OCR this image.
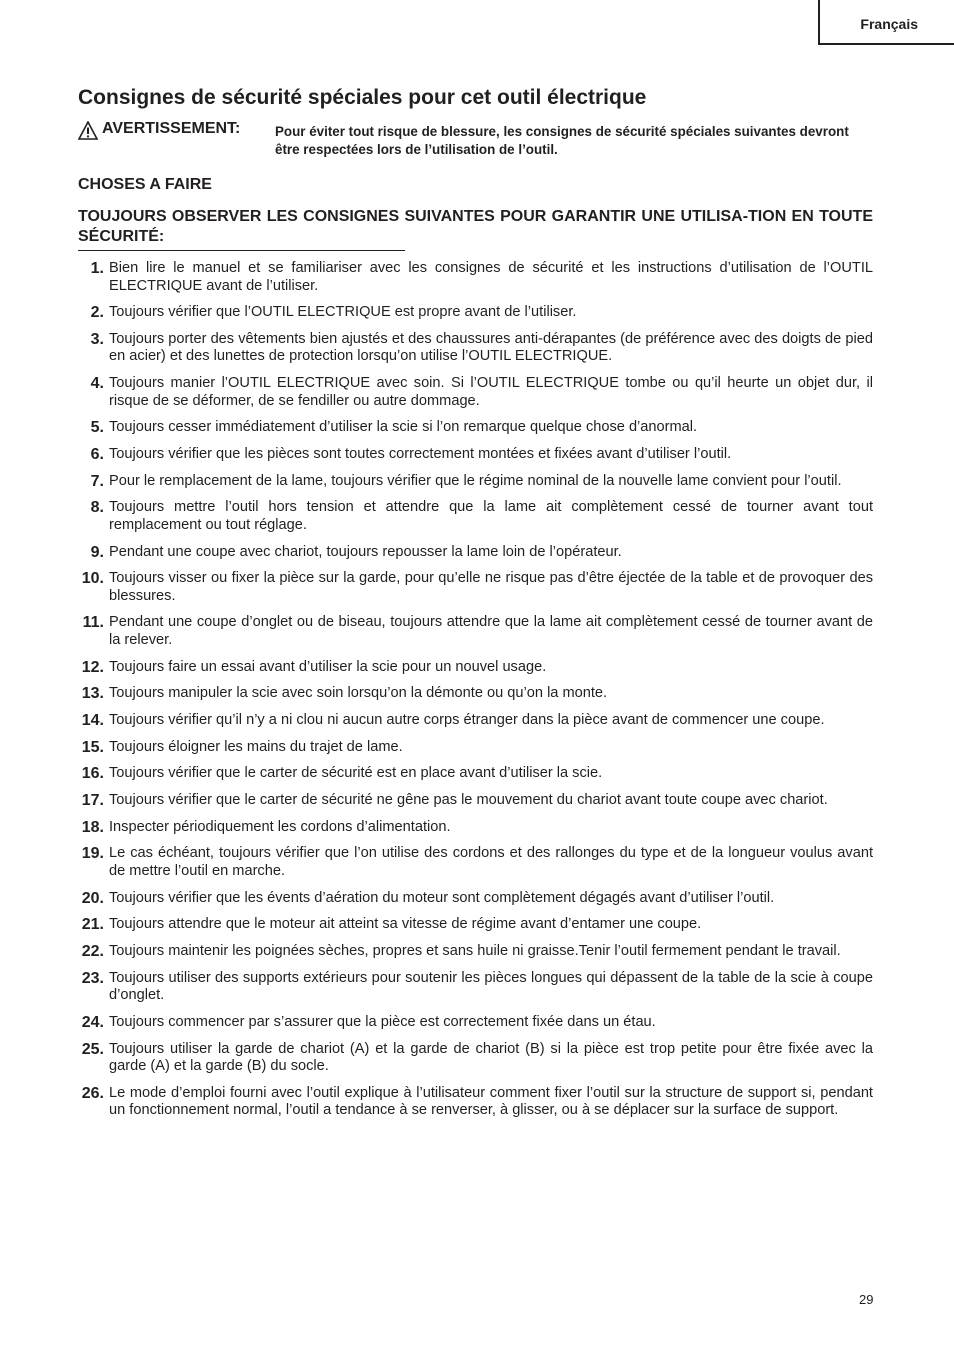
Français
Consignes de sécurité spéciales pour cet outil électrique
AVERTISSEMENT:	Pour éviter tout risque de blessure, les consignes de sécurité spéciales suivantes devront être respectées lors de l’utilisation de l’outil.
CHOSES A FAIRE
TOUJOURS OBSERVER LES CONSIGNES SUIVANTES POUR GARANTIR UNE UTILISA-TION EN TOUTE SÉCURITÉ:
1. Bien lire le manuel et se familiariser avec les consignes de sécurité et les instructions d’utilisation de l’OUTIL ELECTRIQUE avant de l’utiliser.
2. Toujours vérifier que l’OUTIL ELECTRIQUE est propre avant de l’utiliser.
3. Toujours porter des vêtements bien ajustés et des chaussures anti-dérapantes (de préférence avec des doigts de pied en acier) et des lunettes de protection lorsqu’on utilise l’OUTIL ELECTRIQUE.
4. Toujours manier l’OUTIL ELECTRIQUE avec soin. Si l’OUTIL ELECTRIQUE tombe ou qu’il heurte un objet dur, il risque de se déformer, de se fendiller ou autre dommage.
5. Toujours cesser immédiatement d’utiliser la scie si l’on remarque quelque chose d’anormal.
6. Toujours vérifier que les pièces sont toutes correctement montées et fixées avant d’utiliser l’outil.
7. Pour le remplacement de la lame, toujours vérifier que le régime nominal de la nouvelle lame convient pour l’outil.
8. Toujours mettre l’outil hors tension et attendre que la lame ait complètement cessé de tourner avant tout remplacement ou tout réglage.
9. Pendant une coupe avec chariot, toujours repousser la lame loin de l’opérateur.
10. Toujours visser ou fixer la pièce sur la garde, pour qu’elle ne risque pas d’être éjectée de la table et de provoquer des blessures.
11. Pendant une coupe d’onglet ou de biseau, toujours attendre que la lame ait complètement cessé de tourner avant de la relever.
12. Toujours faire un essai avant d’utiliser la scie pour un nouvel usage.
13. Toujours manipuler la scie avec soin lorsqu’on la démonte ou qu’on la monte.
14. Toujours vérifier qu’il n’y a ni clou ni aucun autre corps étranger dans la pièce avant de commencer une coupe.
15. Toujours éloigner les mains du trajet de lame.
16. Toujours vérifier que le carter de sécurité est en place avant d’utiliser la scie.
17. Toujours vérifier que le carter de sécurité ne gêne pas le mouvement du chariot avant toute coupe avec chariot.
18. Inspecter périodiquement les cordons d’alimentation.
19. Le cas échéant, toujours vérifier que l’on utilise des cordons et des rallonges du type et de la longueur voulus avant de mettre l’outil en marche.
20. Toujours vérifier que les évents d’aération du moteur sont complètement dégagés avant d’utiliser l’outil.
21. Toujours attendre que le moteur ait atteint sa vitesse de régime avant d’entamer une coupe.
22. Toujours maintenir les poignées sèches, propres et sans huile ni graisse.Tenir l’outil fermement pendant le travail.
23. Toujours utiliser des supports extérieurs pour soutenir les pièces longues qui dépassent de la table de la scie à coupe d’onglet.
24. Toujours commencer par s’assurer que la pièce est correctement fixée dans un étau.
25. Toujours utiliser la garde de chariot (A) et la garde de chariot (B) si la pièce est trop petite pour être fixée avec la garde (A) et la garde (B) du socle.
26. Le mode d’emploi fourni avec l’outil explique à l’utilisateur comment fixer l’outil sur la structure de support si, pendant un fonctionnement normal, l’outil a tendance à se renverser, à glisser, ou à se déplacer sur la surface de support.
29
